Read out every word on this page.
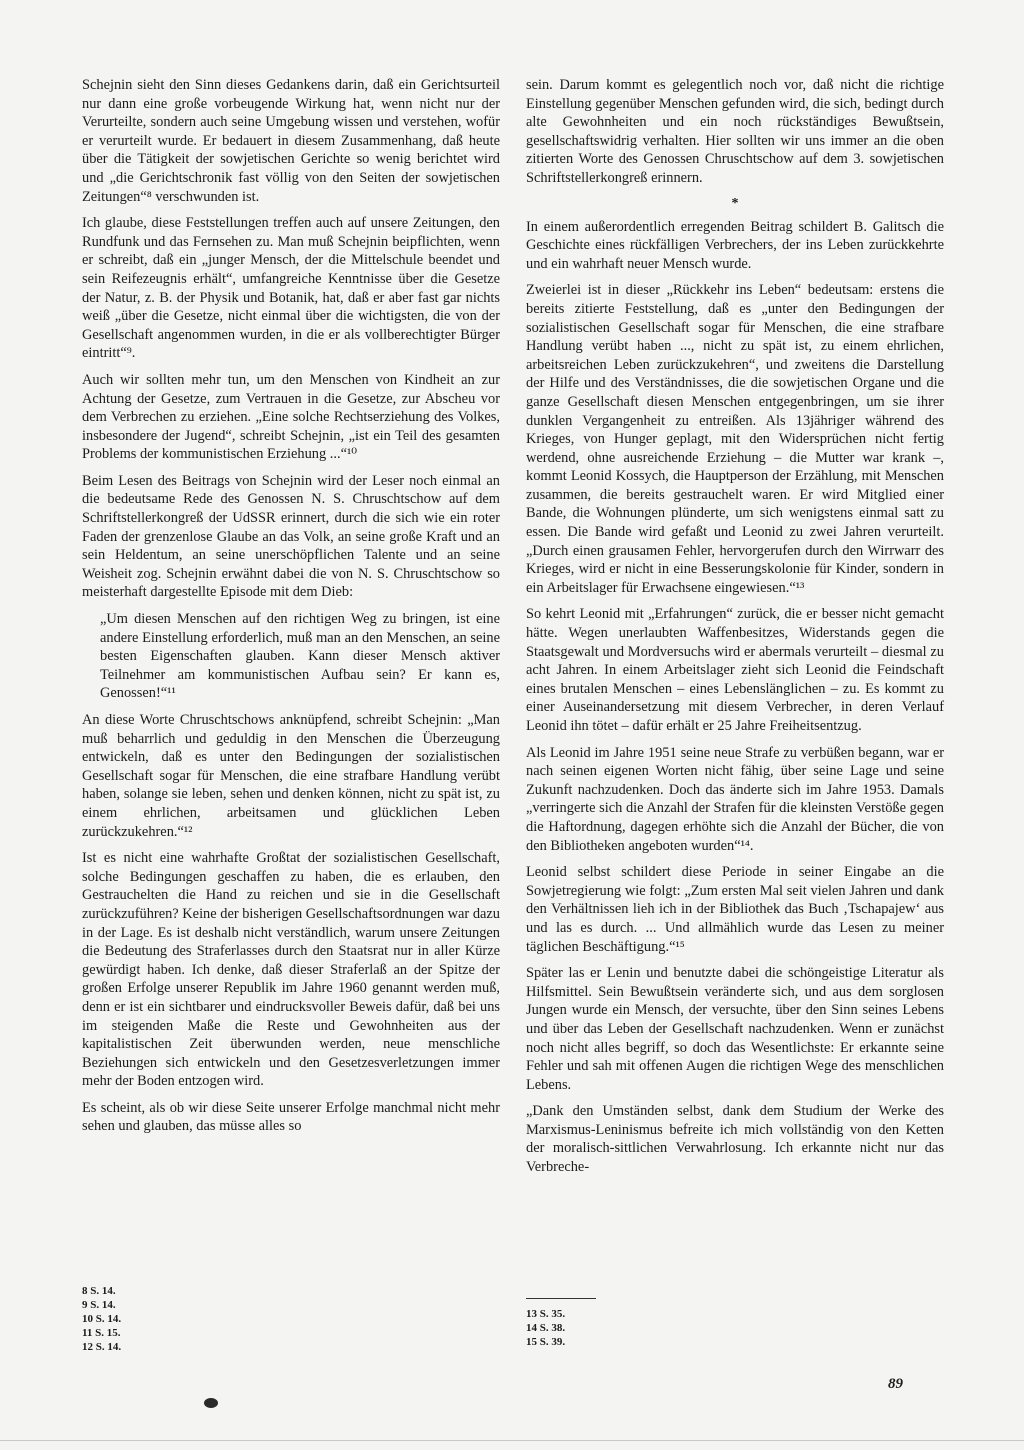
Schejnin sieht den Sinn dieses Gedankens darin, daß ein Gerichtsurteil nur dann eine große vorbeugende Wirkung hat, wenn nicht nur der Verurteilte, sondern auch seine Umgebung wissen und verstehen, wofür er verurteilt wurde. Er bedauert in diesem Zusammenhang, daß heute über die Tätigkeit der sowjetischen Gerichte so wenig berichtet wird und „die Gerichtschronik fast völlig von den Seiten der sowjetischen Zeitungen“⁸ verschwunden ist.

Ich glaube, diese Feststellungen treffen auch auf unsere Zeitungen, den Rundfunk und das Fernsehen zu. Man muß Schejnin beipflichten, wenn er schreibt, daß ein „junger Mensch, der die Mittelschule beendet und sein Reifezeugnis erhält“, umfangreiche Kenntnisse über die Gesetze der Natur, z. B. der Physik und Botanik, hat, daß er aber fast gar nichts weiß „über die Gesetze, nicht einmal über die wichtigsten, die von der Gesellschaft angenommen wurden, in die er als vollberechtigter Bürger eintritt“⁹.

Auch wir sollten mehr tun, um den Menschen von Kindheit an zur Achtung der Gesetze, zum Vertrauen in die Gesetze, zur Abscheu vor dem Verbrechen zu erziehen. „Eine solche Rechtserziehung des Volkes, insbesondere der Jugend“, schreibt Schejnin, „ist ein Teil des gesamten Problems der kommunistischen Erziehung ...“¹⁰

Beim Lesen des Beitrags von Schejnin wird der Leser noch einmal an die bedeutsame Rede des Genossen N. S. Chruschtschow auf dem Schriftstellerkongreß der UdSSR erinnert, durch die sich wie ein roter Faden der grenzenlose Glaube an das Volk, an seine große Kraft und an sein Heldentum, an seine unerschöpflichen Talente und an seine Weisheit zog. Schejnin erwähnt dabei die von N. S. Chruschtschow so meisterhaft dargestellte Episode mit dem Dieb:

„Um diesen Menschen auf den richtigen Weg zu bringen, ist eine andere Einstellung erforderlich, muß man an den Menschen, an seine besten Eigenschaften glauben. Kann dieser Mensch aktiver Teilnehmer am kommunistischen Aufbau sein? Er kann es, Genossen!“¹¹

An diese Worte Chruschtschows anknüpfend, schreibt Schejnin: „Man muß beharrlich und geduldig in den Menschen die Überzeugung entwickeln, daß es unter den Bedingungen der sozialistischen Gesellschaft sogar für Menschen, die eine strafbare Handlung verübt haben, solange sie leben, sehen und denken können, nicht zu spät ist, zu einem ehrlichen, arbeitsamen und glücklichen Leben zurückzukehren.“¹²

Ist es nicht eine wahrhafte Großtat der sozialistischen Gesellschaft, solche Bedingungen geschaffen zu haben, die es erlauben, den Gestrauchelten die Hand zu reichen und sie in die Gesellschaft zurückzuführen? Keine der bisherigen Gesellschaftsordnungen war dazu in der Lage. Es ist deshalb nicht verständlich, warum unsere Zeitungen die Bedeutung des Straferlasses durch den Staatsrat nur in aller Kürze gewürdigt haben. Ich denke, daß dieser Straferlaß an der Spitze der großen Erfolge unserer Republik im Jahre 1960 genannt werden muß, denn er ist ein sichtbarer und eindrucksvoller Beweis dafür, daß bei uns im steigenden Maße die Reste und Gewohnheiten aus der kapitalistischen Zeit überwunden werden, neue menschliche Beziehungen sich entwickeln und den Gesetzesverletzungen immer mehr der Boden entzogen wird.

Es scheint, als ob wir diese Seite unserer Erfolge manchmal nicht mehr sehen und glauben, das müsse alles so

sein. Darum kommt es gelegentlich noch vor, daß nicht die richtige Einstellung gegenüber Menschen gefunden wird, die sich, bedingt durch alte Gewohnheiten und ein noch rückständiges Bewußtsein, gesellschaftswidrig verhalten. Hier sollten wir uns immer an die oben zitierten Worte des Genossen Chruschtschow auf dem 3. sowjetischen Schriftstellerkongreß erinnern.

*

In einem außerordentlich erregenden Beitrag schildert B. Galitsch die Geschichte eines rückfälligen Verbrechers, der ins Leben zurückkehrte und ein wahrhaft neuer Mensch wurde.

Zweierlei ist in dieser „Rückkehr ins Leben“ bedeutsam: erstens die bereits zitierte Feststellung, daß es „unter den Bedingungen der sozialistischen Gesellschaft sogar für Menschen, die eine strafbare Handlung verübt haben ..., nicht zu spät ist, zu einem ehrlichen, arbeitsreichen Leben zurückzukehren“, und zweitens die Darstellung der Hilfe und des Verständnisses, die die sowjetischen Organe und die ganze Gesellschaft diesen Menschen entgegenbringen, um sie ihrer dunklen Vergangenheit zu entreißen. Als 13jähriger während des Krieges, von Hunger geplagt, mit den Widersprüchen nicht fertig werdend, ohne ausreichende Erziehung – die Mutter war krank –, kommt Leonid Kossych, die Hauptperson der Erzählung, mit Menschen zusammen, die bereits gestrauchelt waren. Er wird Mitglied einer Bande, die Wohnungen plünderte, um sich wenigstens einmal satt zu essen. Die Bande wird gefaßt und Leonid zu zwei Jahren verurteilt. „Durch einen grausamen Fehler, hervorgerufen durch den Wirrwarr des Krieges, wird er nicht in eine Besserungskolonie für Kinder, sondern in ein Arbeitslager für Erwachsene eingewiesen.“¹³

So kehrt Leonid mit „Erfahrungen“ zurück, die er besser nicht gemacht hätte. Wegen unerlaubten Waffenbesitzes, Widerstands gegen die Staatsgewalt und Mordversuchs wird er abermals verurteilt – diesmal zu acht Jahren. In einem Arbeitslager zieht sich Leonid die Feindschaft eines brutalen Menschen – eines Lebenslänglichen – zu. Es kommt zu einer Auseinandersetzung mit diesem Verbrecher, in deren Verlauf Leonid ihn tötet – dafür erhält er 25 Jahre Freiheitsentzug.

Als Leonid im Jahre 1951 seine neue Strafe zu verbüßen begann, war er nach seinen eigenen Worten nicht fähig, über seine Lage und seine Zukunft nachzudenken. Doch das änderte sich im Jahre 1953. Damals „verringerte sich die Anzahl der Strafen für die kleinsten Verstöße gegen die Haftordnung, dagegen erhöhte sich die Anzahl der Bücher, die von den Bibliotheken angeboten wurden“¹⁴.

Leonid selbst schildert diese Periode in seiner Eingabe an die Sowjetregierung wie folgt: „Zum ersten Mal seit vielen Jahren und dank den Verhältnissen lieh ich in der Bibliothek das Buch ‚Tschapajew‘ aus und las es durch. ... Und allmählich wurde das Lesen zu meiner täglichen Beschäftigung.“¹⁵

Später las er Lenin und benutzte dabei die schöngeistige Literatur als Hilfsmittel. Sein Bewußtsein veränderte sich, und aus dem sorglosen Jungen wurde ein Mensch, der versuchte, über den Sinn seines Lebens und über das Leben der Gesellschaft nachzudenken. Wenn er zunächst noch nicht alles begriff, so doch das Wesentlichste: Er erkannte seine Fehler und sah mit offenen Augen die richtigen Wege des menschlichen Lebens.

„Dank den Umständen selbst, dank dem Studium der Werke des Marxismus-Leninismus befreite ich mich vollständig von den Ketten der moralisch-sittlichen Verwahrlosung. Ich erkannte nicht nur das Verbreche-

8 S. 14.
9 S. 14.
10 S. 14.
11 S. 15.
12 S. 14.
13 S. 35.
14 S. 38.
15 S. 39.
89
